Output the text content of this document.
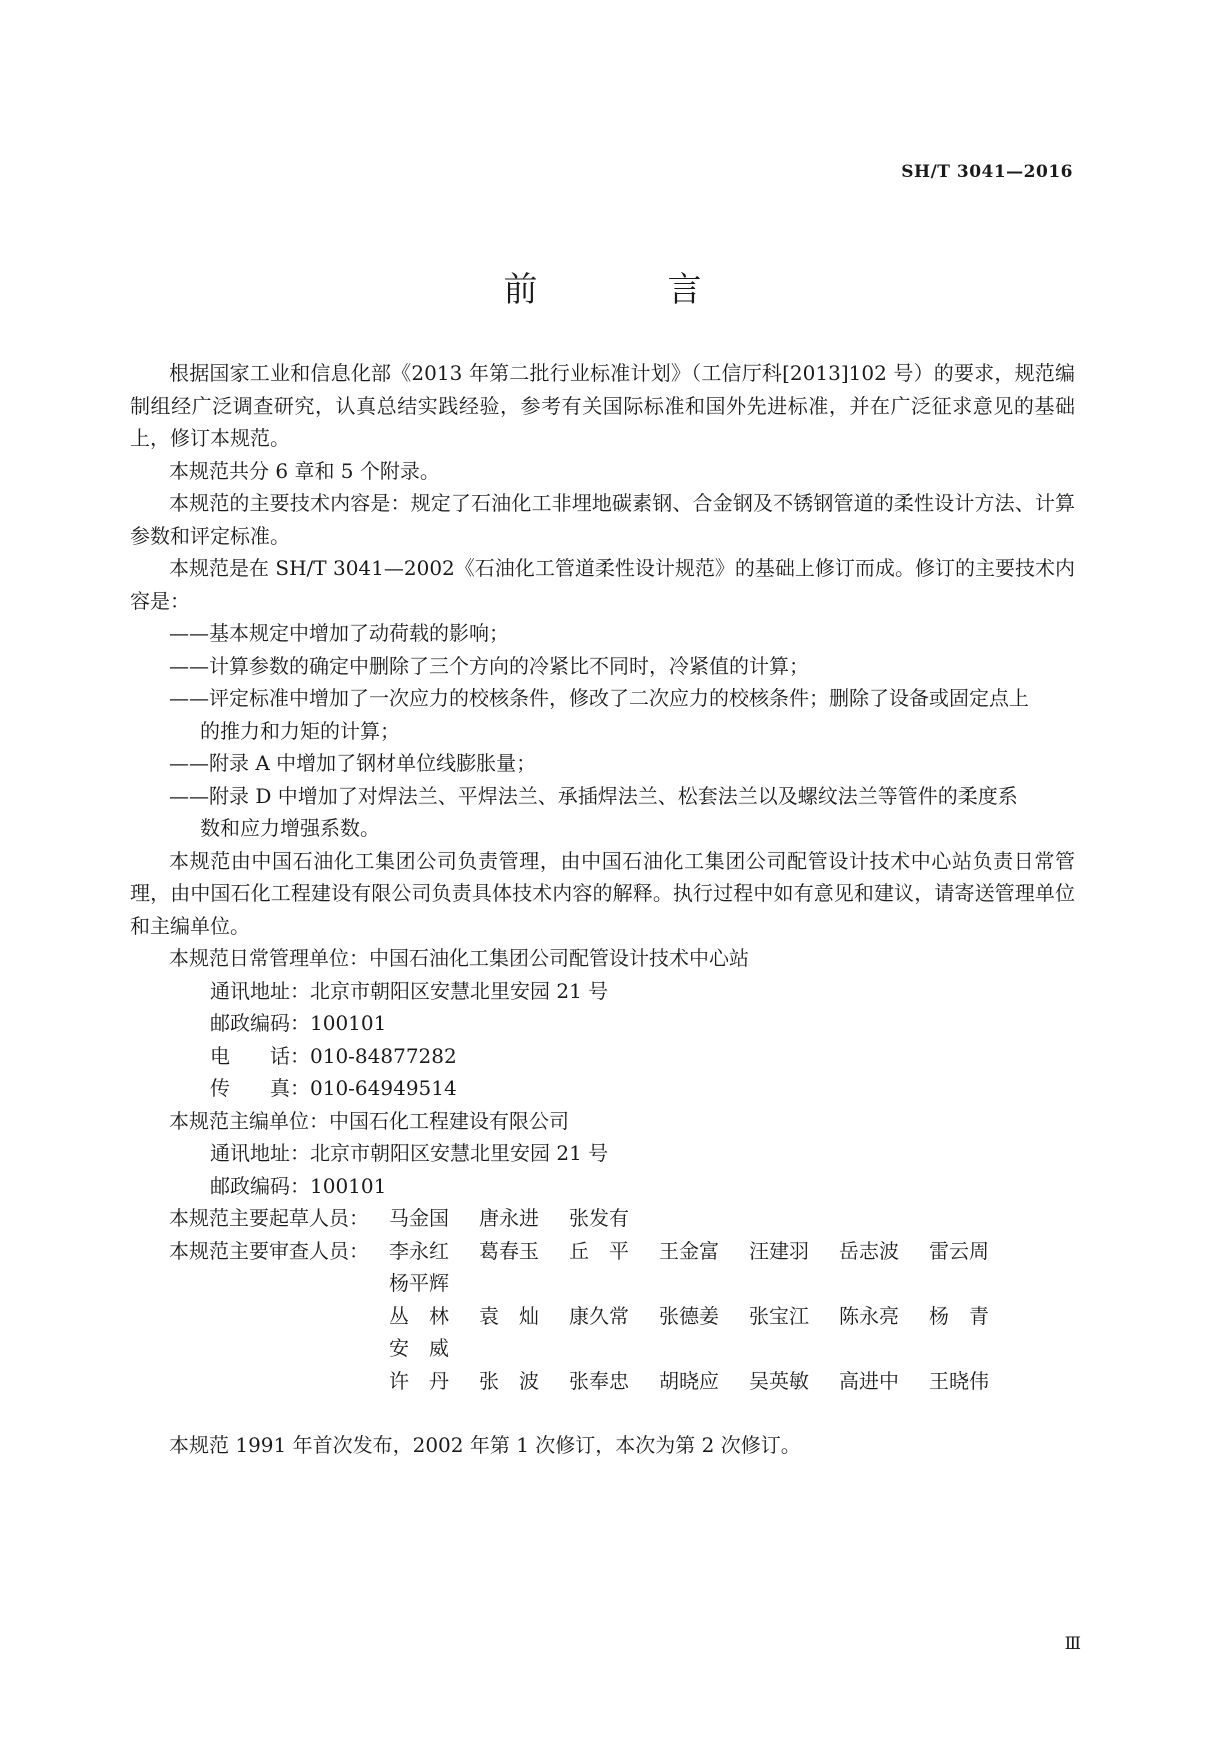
SH/T 3041—2016
前　言

根据国家工业和信息化部《2013 年第二批行业标准计划》（工信厅科[2013]102 号）的要求，规范编制组经广泛调查研究，认真总结实践经验，参考有关国际标准和国外先进标准，并在广泛征求意见的基础上，修订本规范。

本规范共分 6 章和 5 个附录。

本规范的主要技术内容是：规定了石油化工非埋地碳素钢、合金钢及不锈钢管道的柔性设计方法、计算参数和评定标准。

本规范是在 SH/T 3041—2002《石油化工管道柔性设计规范》的基础上修订而成。修订的主要技术内容是：

——基本规定中增加了动荷载的影响；

——计算参数的确定中删除了三个方向的冷紧比不同时，冷紧值的计算；

——评定标准中增加了一次应力的校核条件，修改了二次应力的校核条件；删除了设备或固定点上

的推力和力矩的计算；

——附录 A 中增加了钢材单位线膨胀量；

——附录 D 中增加了对焊法兰、平焊法兰、承插焊法兰、松套法兰以及螺纹法兰等管件的柔度系

数和应力增强系数。

本规范由中国石油化工集团公司负责管理，由中国石油化工集团公司配管设计技术中心站负责日常管理，由中国石化工程建设有限公司负责具体技术内容的解释。执行过程中如有意见和建议，请寄送管理单位和主编单位。

本规范日常管理单位：中国石油化工集团公司配管设计技术中心站

通讯地址：北京市朝阳区安慧北里安园 21 号

邮政编码：100101

电　　话：010-84877282

传　　真：010-64949514

本规范主编单位：中国石化工程建设有限公司

通讯地址：北京市朝阳区安慧北里安园 21 号

邮政编码：100101

本规范主要起草人员：	马金国	唐永进	张发有
本规范主要审查人员：	李永红	葛春玉	丘　平	王金富	汪建羽	岳志波	雷云周
杨平辉
丛　林	袁　灿	康久常	张德姜	张宝江	陈永亮	杨　青
安　威
许　丹	张　波	张奉忠	胡晓应	吴英敏	高进中	王晓伟

本规范 1991 年首次发布，2002 年第 1 次修订，本次为第 2 次修订。

Ⅲ
